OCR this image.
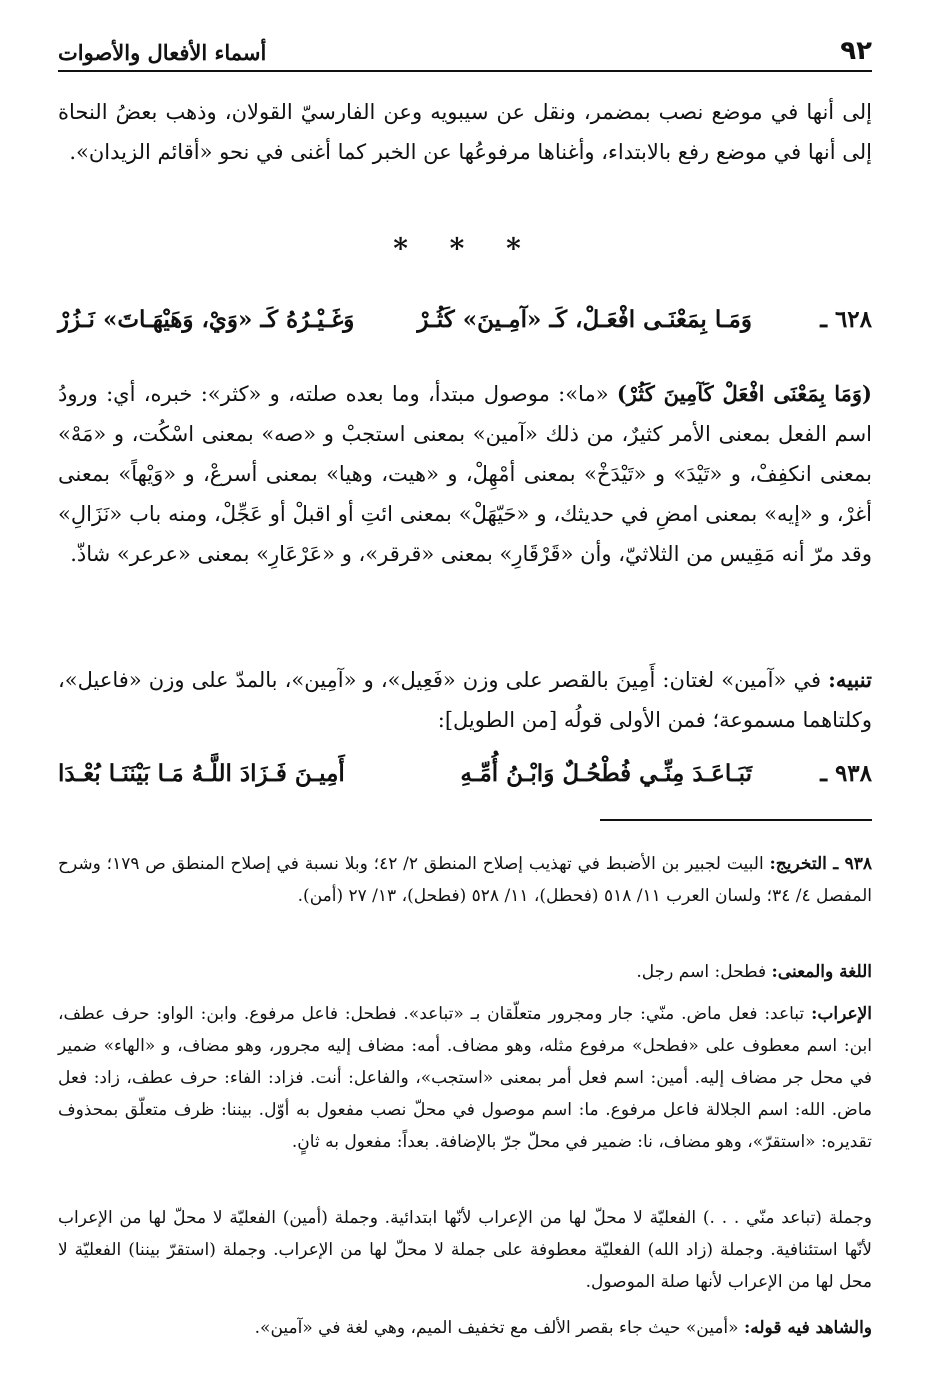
٩٢
أسماء الأفعال والأصوات

إلى أنها في موضع نصب بمضمر، ونقل عن سيبويه وعن الفارسيّ القولان، وذهب بعضُ النحاة إلى أنها في موضع رفع بالابتداء، وأغناها مرفوعُها عن الخبر كما أغنى في نحو «أقائم الزيدان».

* * *
٦٢٨ ـ
وَمَـا بِمَعْنَـى افْعَـلْ، كَـ «آمِـينَ» كَثُـرْ
وَغَـيْـرُهُ كَـ «وَيْ، وَهَيْهَـاتَ» نَـزُرْ

(وَمَا بِمَعْنَى افْعَلْ كَآمِينَ كَثُرْ) «ما»: موصول مبتدأ، وما بعده صلته، و «كثر»: خبره، أي: ورودُ اسم الفعل بمعنى الأمر كثيرٌ، من ذلك «آمين» بمعنى استجبْ و «صه» بمعنى اسْكُت، و «مَهْ» بمعنى انكفِفْ، و «تَيْدَ» و «تَيْدَخْ» بمعنى أمْهِلْ، و «هيت، وهيا» بمعنى أسرعْ، و «وَيْهاً» بمعنى أغرْ، و «إيه» بمعنى امضِ في حديثك، و «حَيّهَلْ» بمعنى ائتِ أو اقبلْ أو عَجِّلْ، ومنه باب «نَزَالِ» وقد مرّ أنه مَقِيس من الثلاثيّ، وأن «قَرْقَارِ» بمعنى «قرقر»، و «عَرْعَارِ» بمعنى «عرعر» شاذّ.

تنبيه: في «آمين» لغتان: أَمِينَ بالقصر على وزن «فَعِيل»، و «آمِين»، بالمدّ على وزن «فاعيل»، وكلتاهما مسموعة؛ فمن الأولى قولُه [من الطويل]:

٩٣٨ ـ
تَبَـاعَـدَ مِنِّـي فُطْحُـلٌ وَابْـنُ أُمِّـهِ
أَمِيـنَ فَـزَادَ اللَّـهُ مَـا بَيْنَنَـا بُعْـدَا

٩٣٨ ـ التخريج: البيت لجبير بن الأضبط في تهذيب إصلاح المنطق ٢/ ٤٢؛ وبلا نسبة في إصلاح المنطق ص ١٧٩؛ وشرح المفصل ٤/ ٣٤؛ ولسان العرب ١١/ ٥١٨ (فحطل)، ١١/ ٥٢٨ (فطحل)، ١٣/ ٢٧ (أمن).

اللغة والمعنى: فطحل: اسم رجل.

الإعراب: تباعد: فعل ماض. منّي: جار ومجرور متعلّقان بـ «تباعد». فطحل: فاعل مرفوع. وابن: الواو: حرف عطف، ابن: اسم معطوف على «فطحل» مرفوع مثله، وهو مضاف. أمه: مضاف إليه مجرور، وهو مضاف، و «الهاء» ضمير في محل جر مضاف إليه. أمين: اسم فعل أمر بمعنى «استجب»، والفاعل: أنت. فزاد: الفاء: حرف عطف، زاد: فعل ماض. الله: اسم الجلالة فاعل مرفوع. ما: اسم موصول في محلّ نصب مفعول به أوّل. بيننا: ظرف متعلّق بمحذوف تقديره: «استقرّ»، وهو مضاف، نا: ضمير في محلّ جرّ بالإضافة. بعداً: مفعول به ثانٍ.

وجملة (تباعد منّي . . .) الفعليّة لا محلّ لها من الإعراب لأنّها ابتدائية. وجملة (أمين) الفعليّة لا محلّ لها من الإعراب لأنّها استئنافية. وجملة (زاد الله) الفعليّة معطوفة على جملة لا محلّ لها من الإعراب. وجملة (استقرّ بيننا) الفعليّة لا محل لها من الإعراب لأنها صلة الموصول.

والشاهد فيه قوله: «أمين» حيث جاء بقصر الألف مع تخفيف الميم، وهي لغة في «آمين».
